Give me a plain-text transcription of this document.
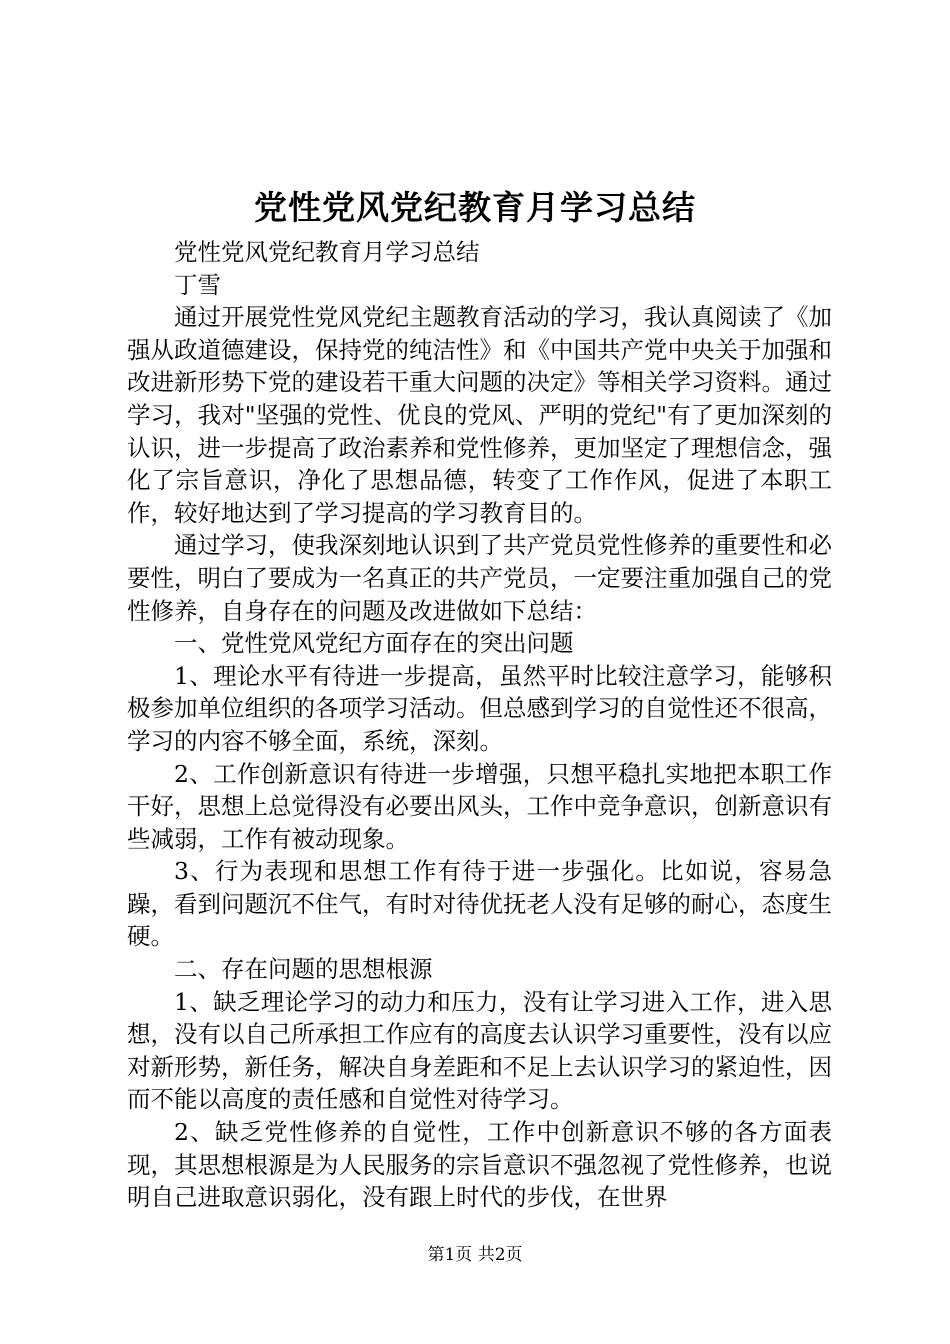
党性党风党纪教育月学习总结

党性党风党纪教育月学习总结

丁雪

通过开展党性党风党纪主题教育活动的学习，我认真阅读了《加强从政道德建设，保持党的纯洁性》和《中国共产党中央关于加强和改进新形势下党的建设若干重大问题的决定》等相关学习资料。通过学习，我对"坚强的党性、优良的党风、严明的党纪"有了更加深刻的认识，进一步提高了政治素养和党性修养，更加坚定了理想信念，强化了宗旨意识，净化了思想品德，转变了工作作风，促进了本职工作，较好地达到了学习提高的学习教育目的。

通过学习，使我深刻地认识到了共产党员党性修养的重要性和必要性，明白了要成为一名真正的共产党员，一定要注重加强自己的党性修养，自身存在的问题及改进做如下总结：

一、党性党风党纪方面存在的突出问题

1、理论水平有待进一步提高，虽然平时比较注意学习，能够积极参加单位组织的各项学习活动。但总感到学习的自觉性还不很高，学习的内容不够全面，系统，深刻。

2、工作创新意识有待进一步增强，只想平稳扎实地把本职工作干好，思想上总觉得没有必要出风头，工作中竞争意识，创新意识有些减弱，工作有被动现象。

3、行为表现和思想工作有待于进一步强化。比如说，容易急躁，看到问题沉不住气，有时对待优抚老人没有足够的耐心，态度生硬。

二、存在问题的思想根源

1、缺乏理论学习的动力和压力，没有让学习进入工作，进入思想，没有以自己所承担工作应有的高度去认识学习重要性，没有以应对新形势，新任务，解决自身差距和不足上去认识学习的紧迫性，因而不能以高度的责任感和自觉性对待学习。

2、缺乏党性修养的自觉性，工作中创新意识不够的各方面表现，其思想根源是为人民服务的宗旨意识不强忽视了党性修养，也说明自己进取意识弱化，没有跟上时代的步伐，在世界

第1页 共2页
